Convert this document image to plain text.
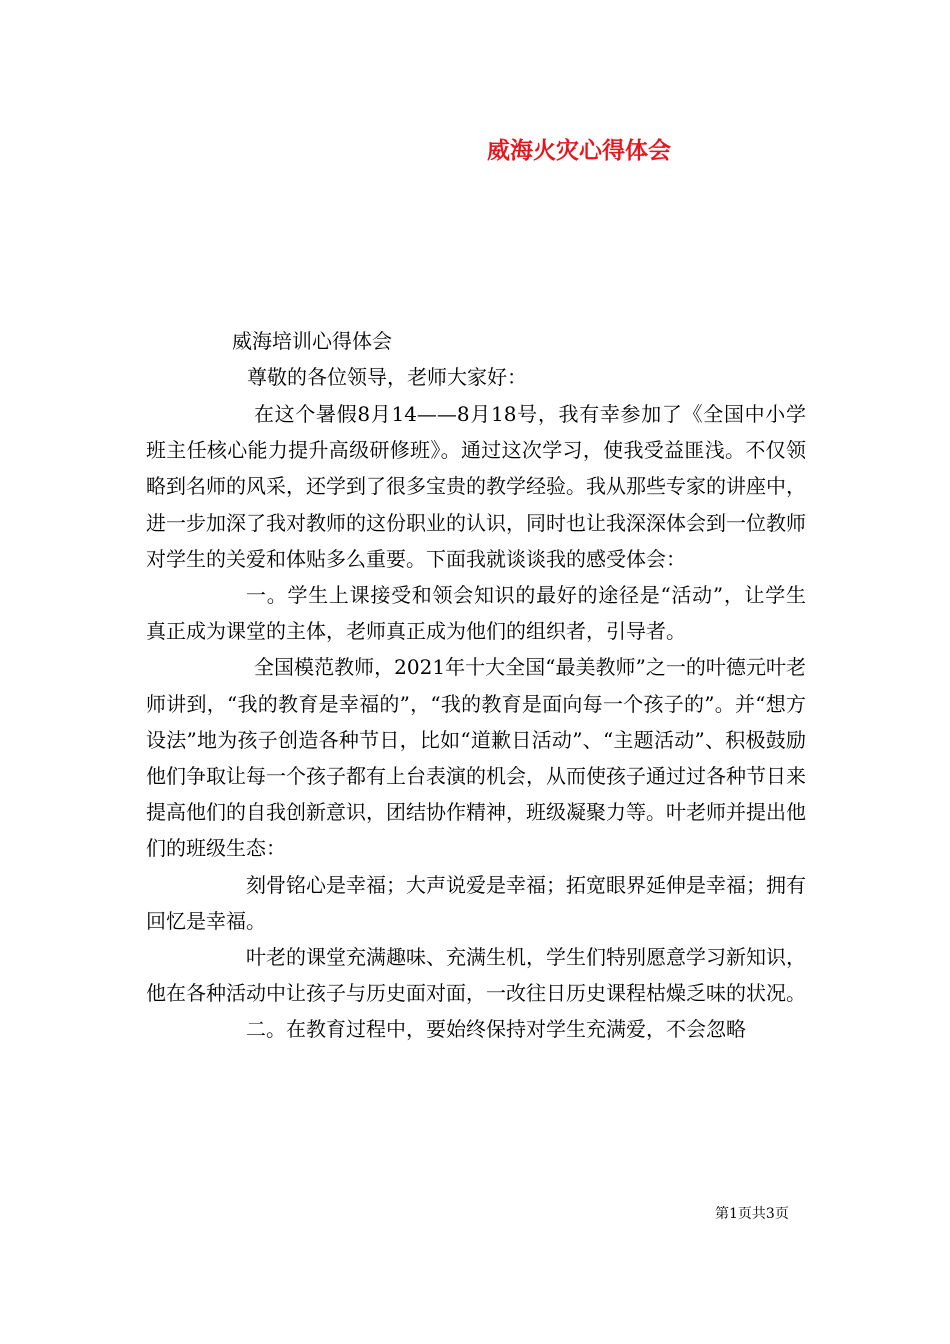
威海火灾心得体会
威海培训心得体会
尊敬的各位领导，老师大家好：

在这个暑假8月14——8月18号，我有幸参加了《全国中小学班主任核心能力提升高级研修班》。通过这次学习，使我受益匪浅。不仅领略到名师的风采，还学到了很多宝贵的教学经验。我从那些专家的讲座中，进一步加深了我对教师的这份职业的认识，同时也让我深深体会到一位教师对学生的关爱和体贴多么重要。下面我就谈谈我的感受体会：

一。学生上课接受和领会知识的最好的途径是“活动”，让学生真正成为课堂的主体，老师真正成为他们的组织者，引导者。

全国模范教师，2021年十大全国“最美教师”之一的叶德元叶老师讲到，“我的教育是幸福的”，“我的教育是面向每一个孩子的”。并“想方设法”地为孩子创造各种节日，比如“道歉日活动”、“主题活动”、积极鼓励他们争取让每一个孩子都有上台表演的机会，从而使孩子通过过各种节日来提高他们的自我创新意识，团结协作精神，班级凝聚力等。叶老师并提出他们的班级生态：

刻骨铭心是幸福；大声说爱是幸福；拓宽眼界延伸是幸福；拥有回忆是幸福。

叶老的课堂充满趣味、充满生机，学生们特别愿意学习新知识，他在各种活动中让孩子与历史面对面，一改往日历史课程枯燥乏味的状况。

二。在教育过程中，要始终保持对学生充满爱，不会忽略

第1页共3页
